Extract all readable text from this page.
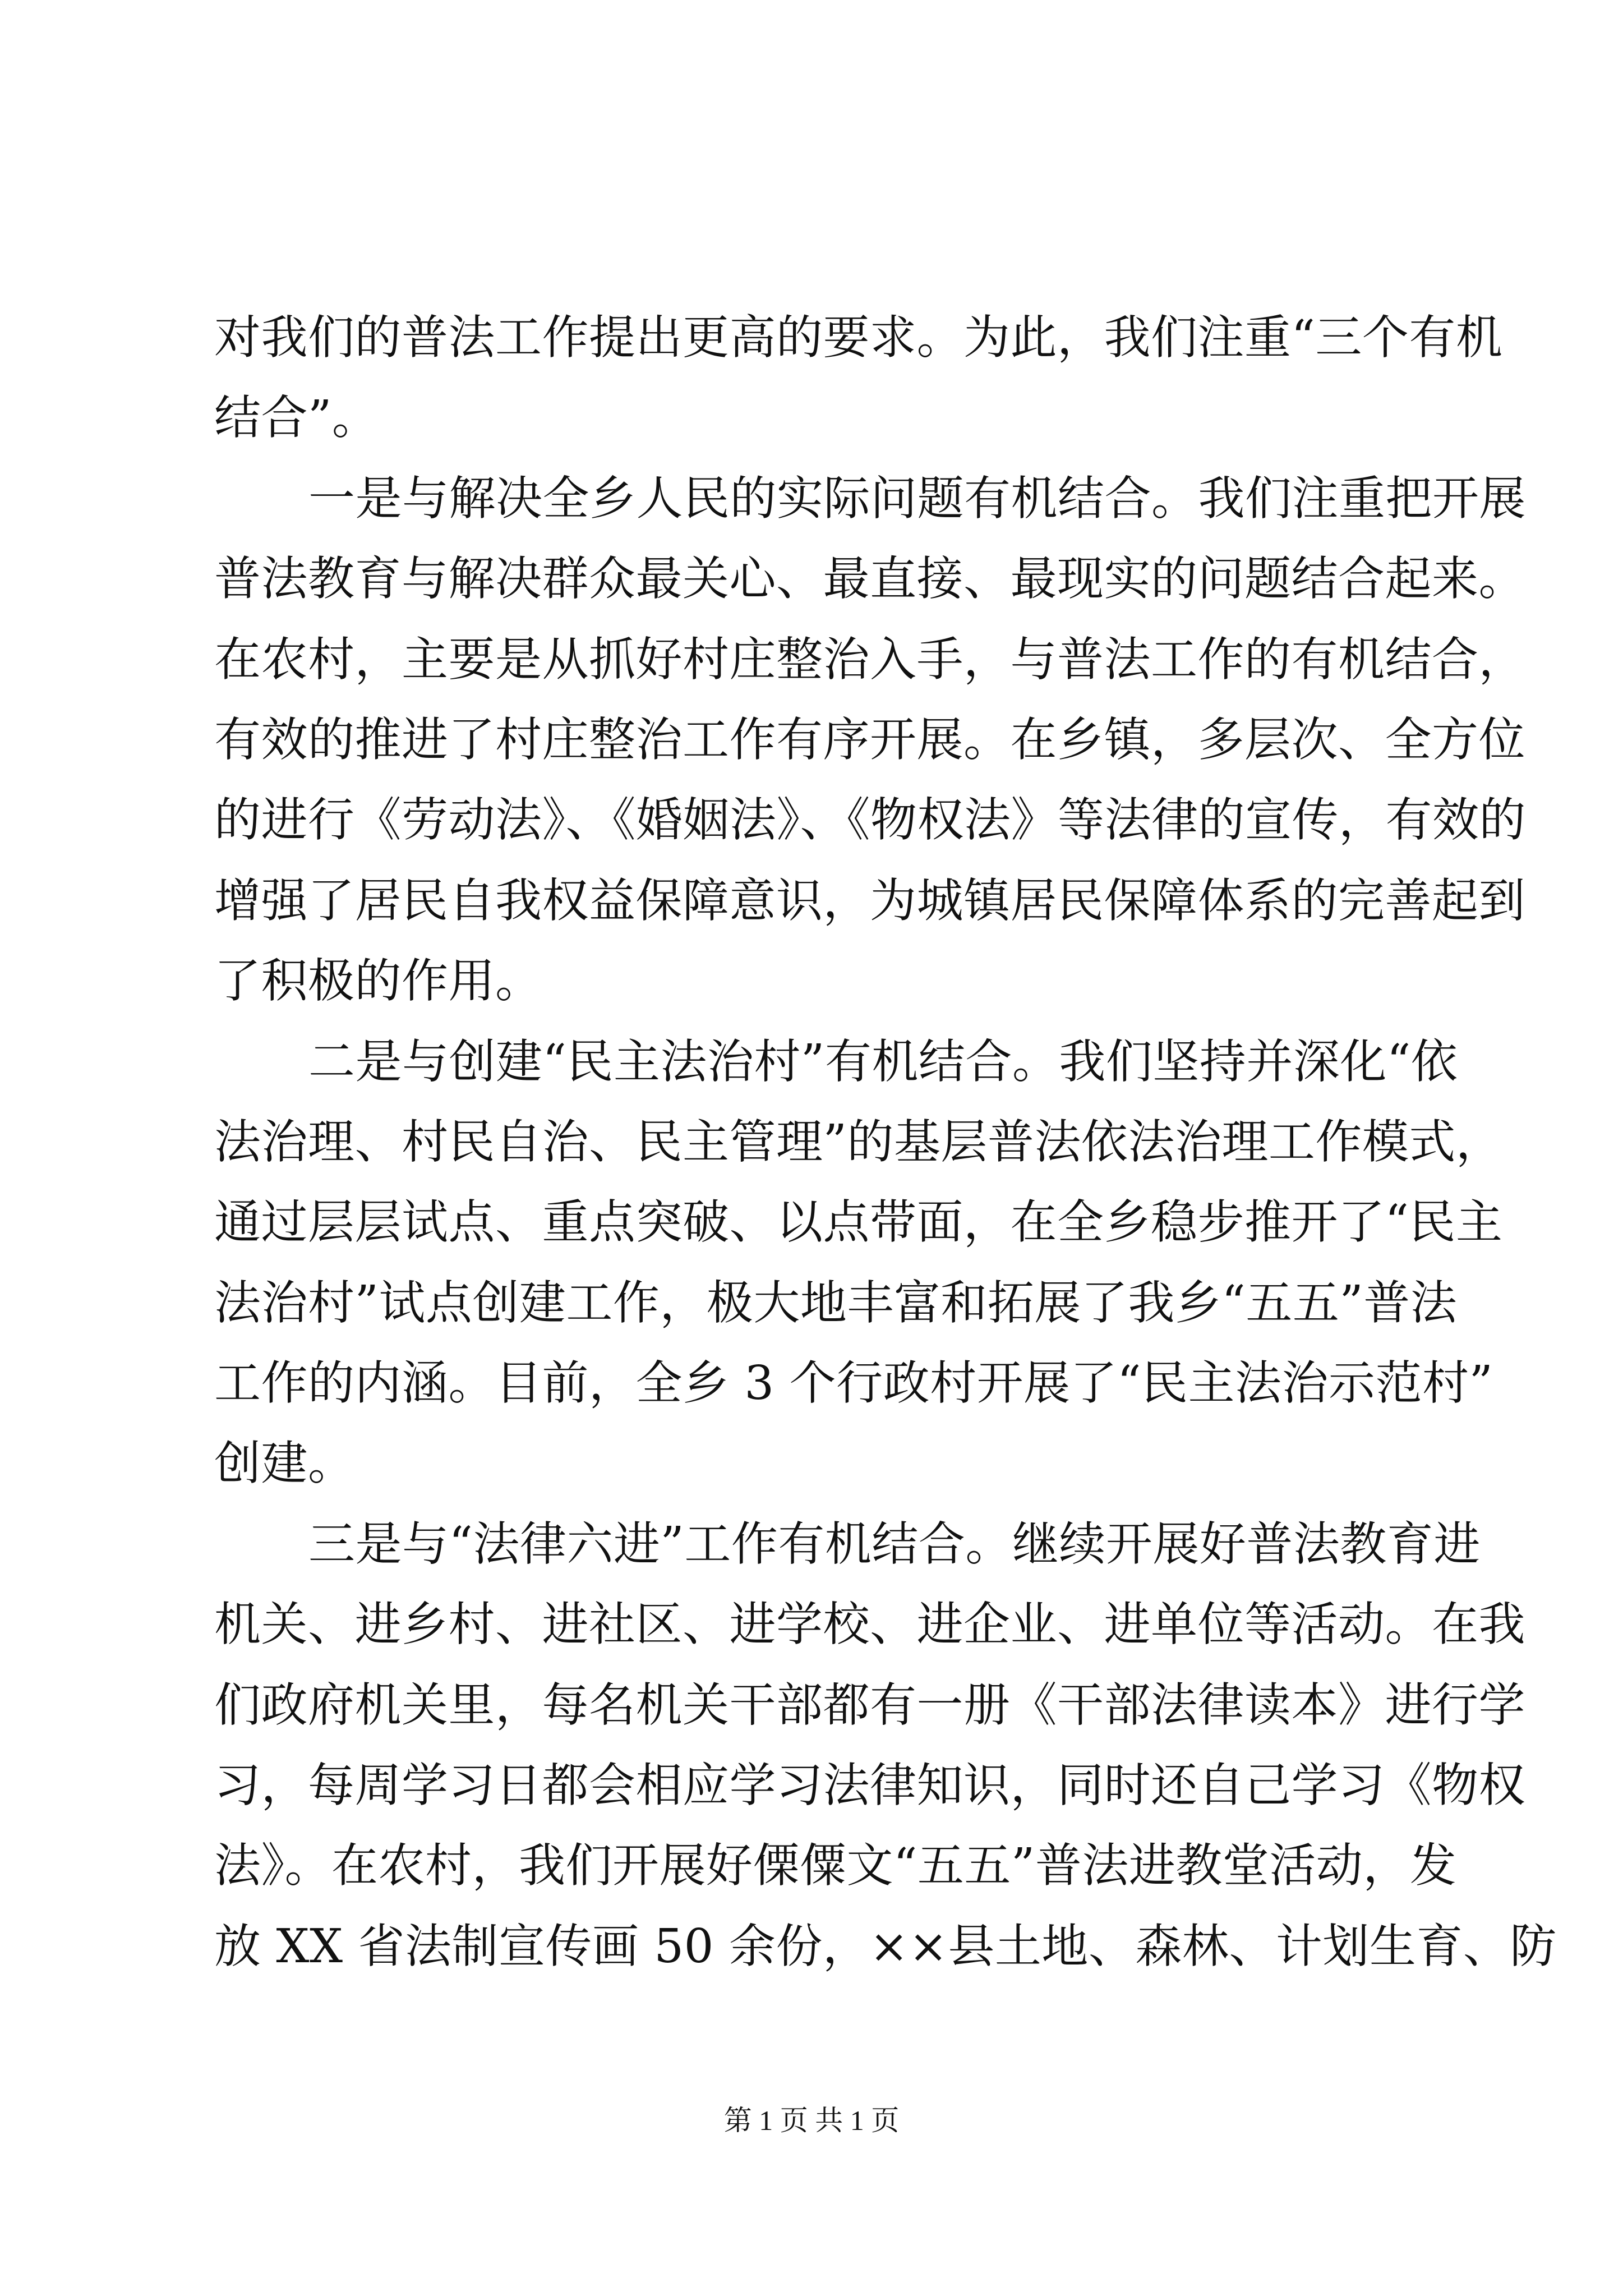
对我们的普法工作提出更高的要求。为此，我们注重“三个有机
结合”。
一是与解决全乡人民的实际问题有机结合。我们注重把开展
普法教育与解决群众最关心、最直接、最现实的问题结合起来。
在农村，主要是从抓好村庄整治入手，与普法工作的有机结合，
有效的推进了村庄整治工作有序开展。在乡镇，多层次、全方位
的进行《劳动法》、《婚姻法》、《物权法》等法律的宣传，有效的
增强了居民自我权益保障意识，为城镇居民保障体系的完善起到
了积极的作用。
二是与创建“民主法治村”有机结合。我们坚持并深化“依
法治理、村民自治、民主管理”的基层普法依法治理工作模式，
通过层层试点、重点突破、以点带面，在全乡稳步推开了“民主
法治村”试点创建工作，极大地丰富和拓展了我乡“五五”普法
工作的内涵。目前，全乡 3 个行政村开展了“民主法治示范村”
创建。
三是与“法律六进”工作有机结合。继续开展好普法教育进
机关、进乡村、进社区、进学校、进企业、进单位等活动。在我
们政府机关里，每名机关干部都有一册《干部法律读本》进行学
习，每周学习日都会相应学习法律知识，同时还自己学习《物权
法》。在农村，我们开展好傈僳文“五五”普法进教堂活动，发
放 XX 省法制宣传画 50 余份，××县土地、森林、计划生育、防
第 1 页 共 1 页
